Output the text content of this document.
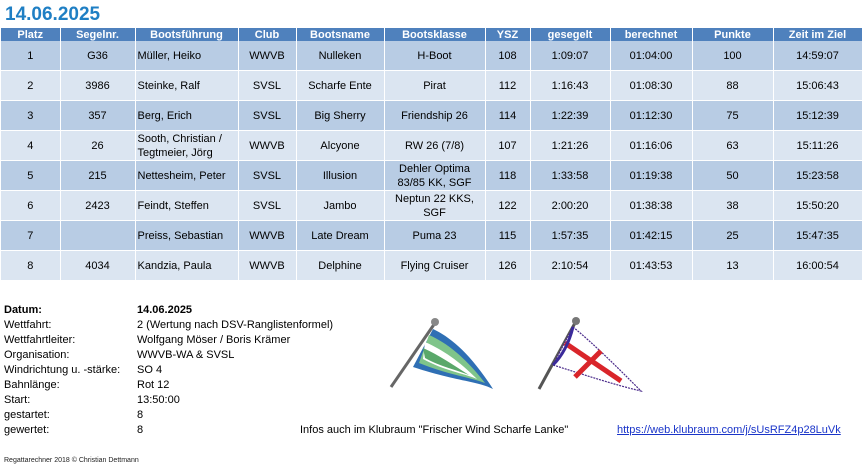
14.06.2025
Platz	Segelnr.	Bootsführung	Club	Bootsname	Bootsklasse	YSZ	gesegelt	berechnet	Punkte	Zeit im Ziel
1	G36	Müller, Heiko	WWVB	Nulleken	H-Boot	108	1:09:07	01:04:00	100	14:59:07
2	3986	Steinke, Ralf	SVSL	Scharfe Ente	Pirat	112	1:16:43	01:08:30	88	15:06:43
3	357	Berg, Erich	SVSL	Big Sherry	Friendship 26	114	1:22:39	01:12:30	75	15:12:39
4	26	Sooth, Christian / Tegtmeier, Jörg	WWVB	Alcyone	RW 26 (7/8)	107	1:21:26	01:16:06	63	15:11:26
5	215	Nettesheim, Peter	SVSL	Illusion	Dehler Optima 83/85 KK, SGF	118	1:33:58	01:19:38	50	15:23:58
6	2423	Feindt, Steffen	SVSL	Jambo	Neptun 22 KKS, SGF	122	2:00:20	01:38:38	38	15:50:20
7		Preiss, Sebastian	WWVB	Late Dream	Puma 23	115	1:57:35	01:42:15	25	15:47:35
8	4034	Kandzia, Paula	WWVB	Delphine	Flying Cruiser	126	2:10:54	01:43:53	13	16:00:54
Datum:	14.06.2025
Wettfahrt:	2 (Wertung nach DSV-Ranglistenformel)
Wettfahrtleiter:	Wolfgang Möser / Boris Krämer
Organisation:	WWVB-WA & SVSL
Windrichtung u. -stärke: SO 4
Bahnlänge:	Rot 12
Start:	13:50:00
gestartet:	8
gewertet:	8	Infos auch im Klubraum "Frischer Wind Scharfe Lanke"	https://web.klubraum.com/j/sUsRFZ4p28LuVk
Regattarechner 2018 © Christian Dettmann
